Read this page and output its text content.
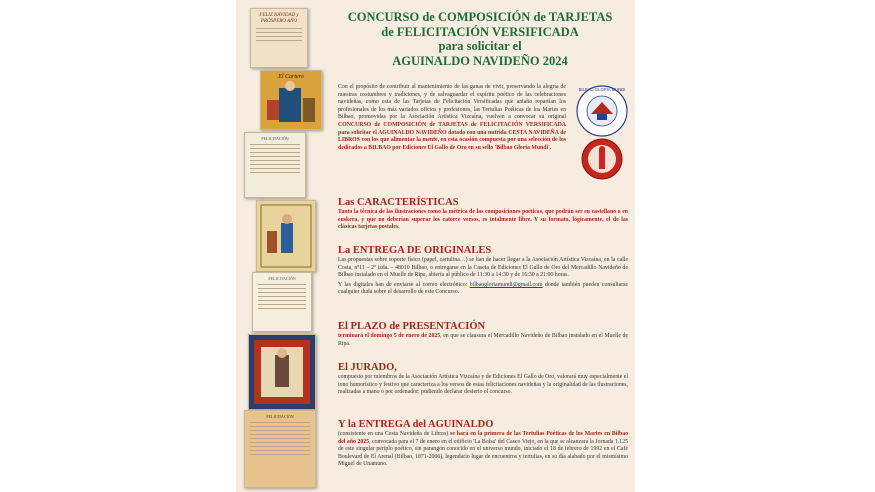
FELIZ NAVIDAD y PRÓSPERO AÑO
El Cartero
FELICITACIÓN
FELICITACIÓN
FELICITACIÓN
CONCURSO de COMPOSICIÓN de TARJETAS
de FELICITACIÓN VERSIFICADA
para solicitar el
AGUINALDO NAVIDEÑO 2024
Con el propósito de contribuir al mantenimiento de las ganas de vivir, preservando la alegría de nuestras costumbres y tradiciones, y de salvaguardar el espíritu poético de las celebraciones navideñas, como esta de las Tarjetas de Felicitación Versificadas que antaño repartían los profesionales de los más variados oficios y profesiones, las Tertulias Poéticas de los Martes en Bilbao, promovidas por la Asociación Artística Vizcaína, vuelven a convocar su original CONCURSO de COMPOSICIÓN de TARJETAS de FELICITACIÓN VERSIFICADA para solicitar el AGUINALDO NAVIDEÑO dotado con una nutrida CESTA NAVIDEÑA de LIBROS con los que alimentar la mente, en esta ocasión compuesta por una selección de los dedicados a BILBAO por Ediciones El Gallo de Oro en su sello 'Bilbao Gloria Mundi'.
BILBAO GLORIA MUNDI
Las CARACTERÍSTICAS

Tanto la técnica de las ilustraciones como la métrica de las composiciones poéticas, que podrán ser en castellano o en euskera, y que no deberían superar los catorce versos, es totalmente libre. Y su formato, lógicamente, el de las clásicas tarjetas postales.

La ENTREGA DE ORIGINALES

Las propuestas sobre soporte físico (papel, cartulina…) se han de hacer llegar a la Asociación Artística Vizcaína, en la calle Costa, nº11 – 2º izda. – 48010 Bilbao, o entregarse en la Caseta de Ediciones El Gallo de Oro del Mercadillo Navideño de Bilbao instalado en el Muelle de Ripa, abierta al público de 11:30 a 14:30 y de 16:30 a 21:00 horas.

Y las digitales han de enviarse al correo electrónico: bilbaogloriamundi@gmail.com donde también pueden consultarse cualquier duda sobre el desarrollo de este Concurso.

El PLAZO de PRESENTACIÓN

terminará el domingo 5 de enero de 2025, en que se clausura el Mercadillo Navideño de Bilbao instalado en el Muelle de Ripa.

El JURADO,

compuesto por miembros de la Asociación Artística Vizcaína y de Ediciones El Gallo de Oro, valorará muy especialmente el tono humorístico y festivo que caracteriza a los versos de estas felicitaciones navideñas y la originalidad de las ilustraciones, realizadas a mano o por ordenador; pudiendo declarar desierto el concurso.

Y la ENTREGA del AGUINALDO

(consistente en una Cesta Navideña de Libros) se hará en la primera de las Tertulias Poéticas de los Martes en Bilbao del año 2025, convocada para el 7 de enero en el edificio 'La Bolsa' del Casco Viejo, en la que se alcanzará la Jornada 1.125 de este singular periplo poético, sin parangón conocido en el universo mundo, iniciado el 18 de febrero de 1992 en el Café Boulevard de El Arenal (Bilbao, 1871-2006), legendario lugar de encuentros y tertulias, en su día alabado por el mismísimo Miguel de Unamuno.
